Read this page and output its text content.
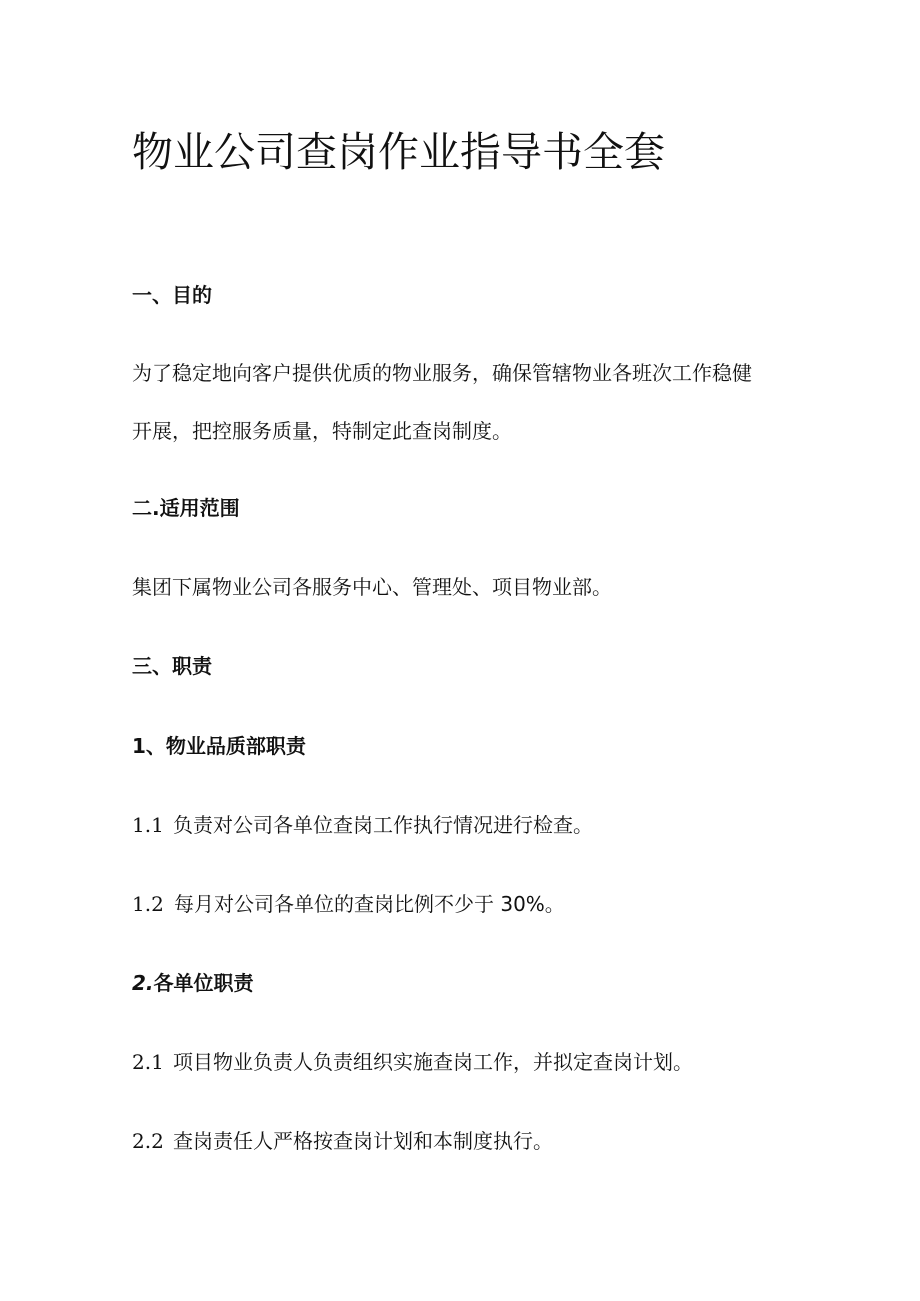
物业公司查岗作业指导书全套
一、目的
为了稳定地向客户提供优质的物业服务，确保管辖物业各班次工作稳健
开展，把控服务质量，特制定此查岗制度。
二.适用范围
集团下属物业公司各服务中心、管理处、项目物业部。
三、职责
1、物业品质部职责
1.1 负责对公司各单位查岗工作执行情况进行检查。
1.2 每月对公司各单位的查岗比例不少于 30%。
2.各单位职责
2.1 项目物业负责人负责组织实施查岗工作，并拟定查岗计划。
2.2 查岗责任人严格按查岗计划和本制度执行。
